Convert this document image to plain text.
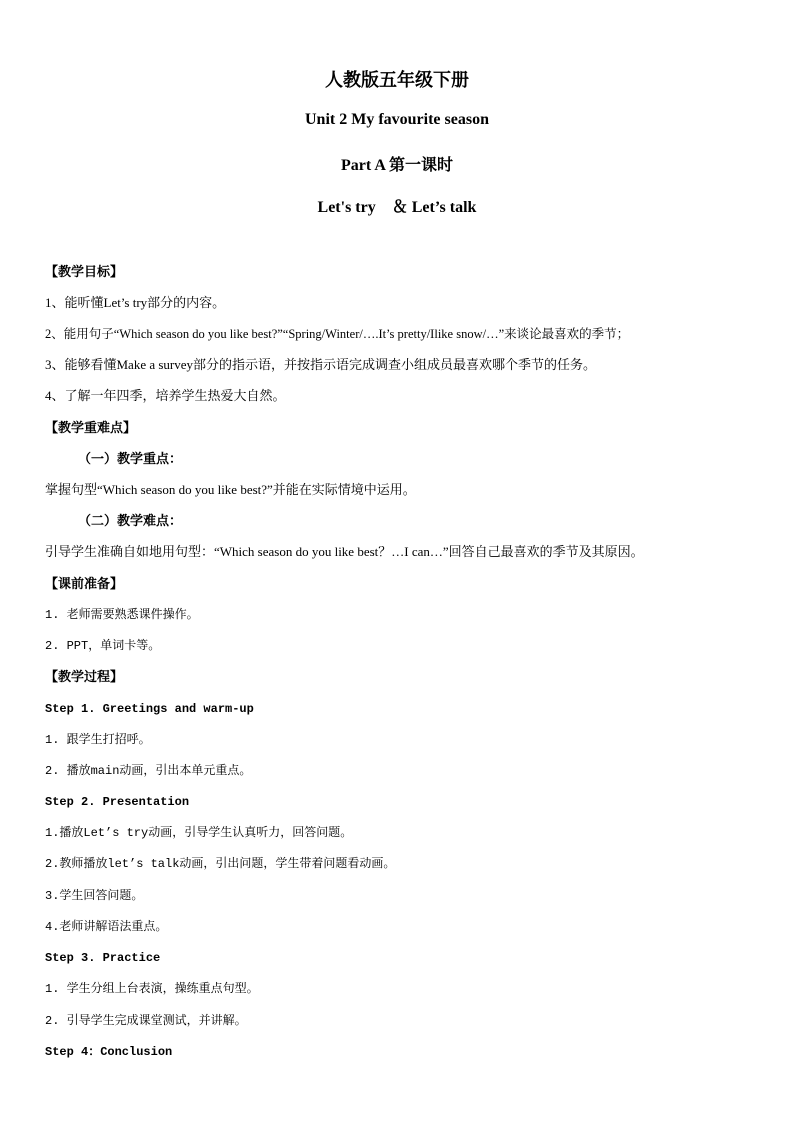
人教版五年级下册
Unit 2 My favourite season
Part A 第一课时
Let's try　＆ Let’s talk
【教学目标】
1、能听懂Let’s try部分的内容。
2、能用句子“Which season do you like best?”“Spring/Winter/….It’s pretty/Ilike snow/…”来谈论最喜欢的季节；
3、能够看懂Make a survey部分的指示语，并按指示语完成调查小组成员最喜欢哪个季节的任务。
4、了解一年四季，培养学生热爱大自然。
【教学重难点】
（一）教学重点：
掌握句型“Which season do you like best?”并能在实际情境中运用。
（二）教学难点：
引导学生准确自如地用句型：“Which season do you like best？…I can…”回答自己最喜欢的季节及其原因。
【课前准备】
1. 老师需要熟悉课件操作。
2. PPT，单词卡等。
【教学过程】
Step 1. Greetings and warm-up
1. 跟学生打招呼。
2. 播放main动画，引出本单元重点。
Step 2. Presentation
1.播放Let’s try动画，引导学生认真听力，回答问题。
2.教师播放let’s talk动画，引出问题，学生带着问题看动画。
3.学生回答问题。
4.老师讲解语法重点。
Step 3. Practice
1. 学生分组上台表演，操练重点句型。
2. 引导学生完成课堂测试，并讲解。
Step 4：Conclusion
